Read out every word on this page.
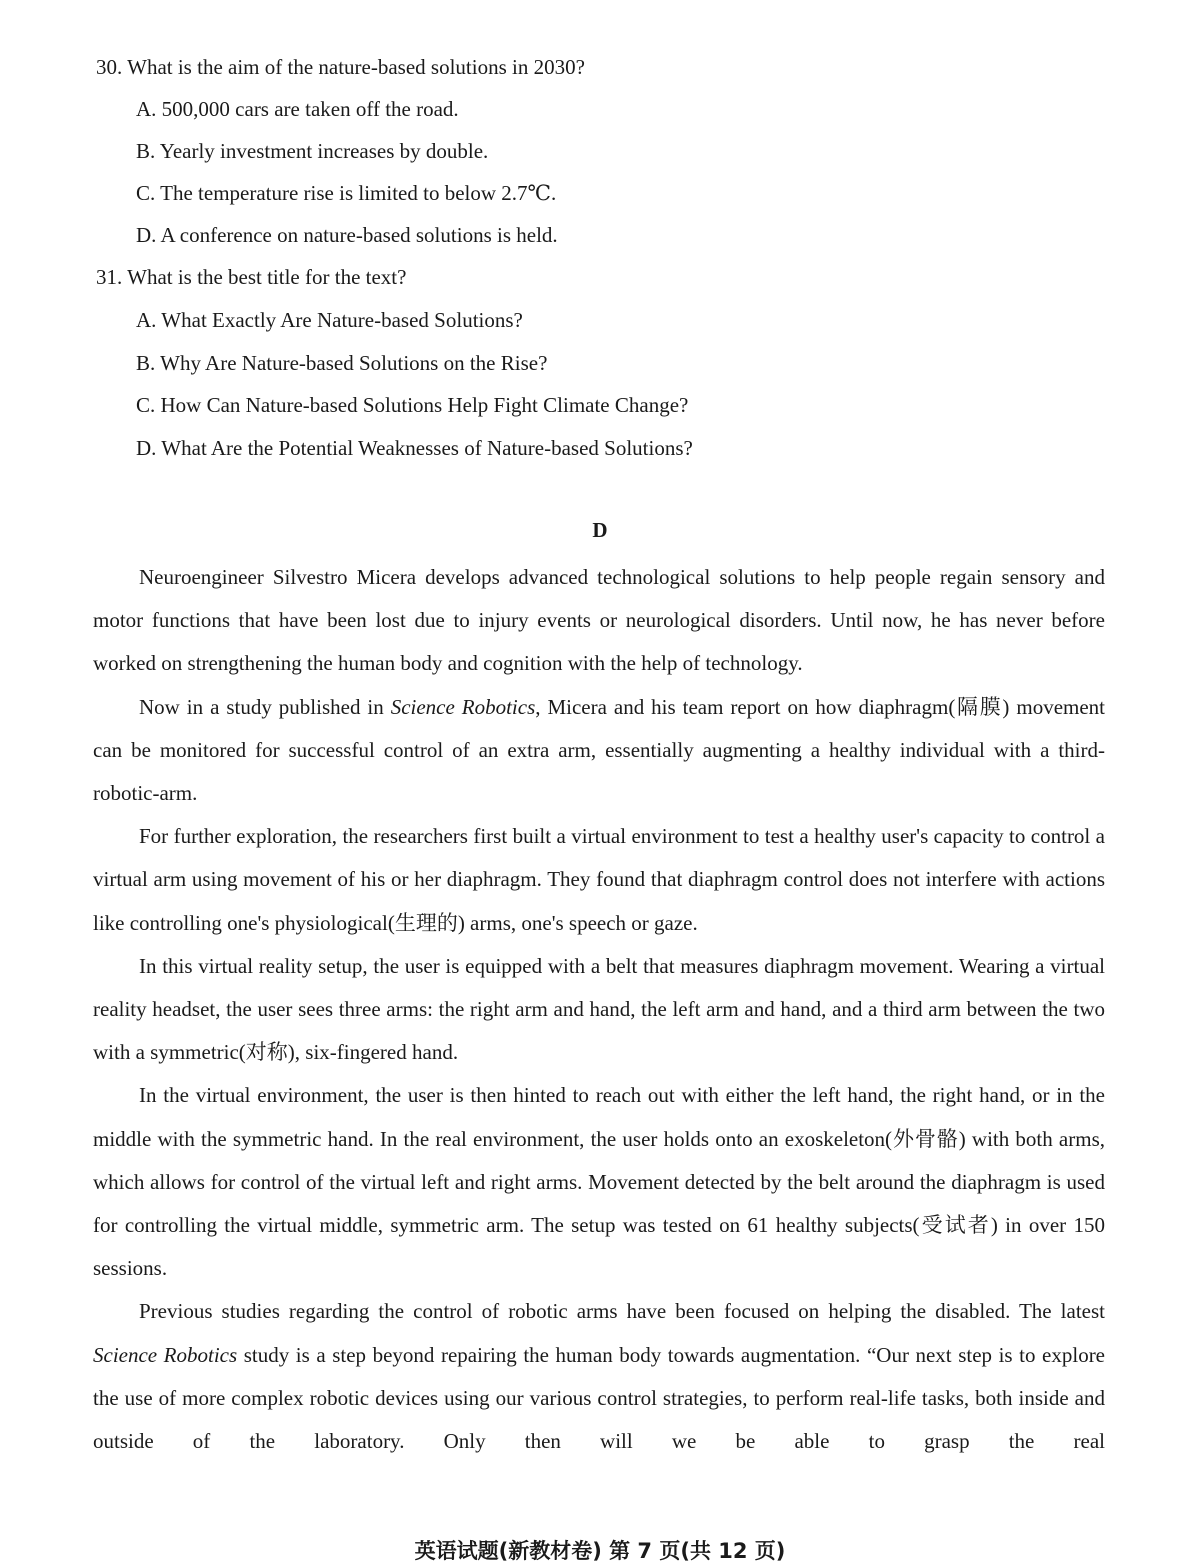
30. What is the aim of the nature-based solutions in 2030?
A. 500,000 cars are taken off the road.
B. Yearly investment increases by double.
C. The temperature rise is limited to below 2.7℃.
D. A conference on nature-based solutions is held.
31. What is the best title for the text?
A. What Exactly Are Nature-based Solutions?
B. Why Are Nature-based Solutions on the Rise?
C. How Can Nature-based Solutions Help Fight Climate Change?
D. What Are the Potential Weaknesses of Nature-based Solutions?
D

Neuroengineer Silvestro Micera develops advanced technological solutions to help people regain sensory and motor functions that have been lost due to injury events or neurological disorders. Until now, he has never before worked on strengthening the human body and cognition with the help of technology.

Now in a study published in Science Robotics, Micera and his team report on how diaphragm(隔膜) movement can be monitored for successful control of an extra arm, essentially augmenting a healthy individual with a third-robotic-arm.

For further exploration, the researchers first built a virtual environment to test a healthy user's capacity to control a virtual arm using movement of his or her diaphragm. They found that diaphragm control does not interfere with actions like controlling one's physiological(生理的) arms, one's speech or gaze.

In this virtual reality setup, the user is equipped with a belt that measures diaphragm movement. Wearing a virtual reality headset, the user sees three arms: the right arm and hand, the left arm and hand, and a third arm between the two with a symmetric(对称), six-fingered hand.

In the virtual environment, the user is then hinted to reach out with either the left hand, the right hand, or in the middle with the symmetric hand. In the real environment, the user holds onto an exoskeleton(外骨骼) with both arms, which allows for control of the virtual left and right arms. Movement detected by the belt around the diaphragm is used for controlling the virtual middle, symmetric arm. The setup was tested on 61 healthy subjects(受试者) in over 150 sessions.

Previous studies regarding the control of robotic arms have been focused on helping the disabled. The latest Science Robotics study is a step beyond repairing the human body towards augmentation. “Our next step is to explore the use of more complex robotic devices using our various control strategies, to perform real-life tasks, both inside and outside of the laboratory. Only then will we be able to grasp the real

英语试题(新教材卷) 第 7 页(共 12 页)
